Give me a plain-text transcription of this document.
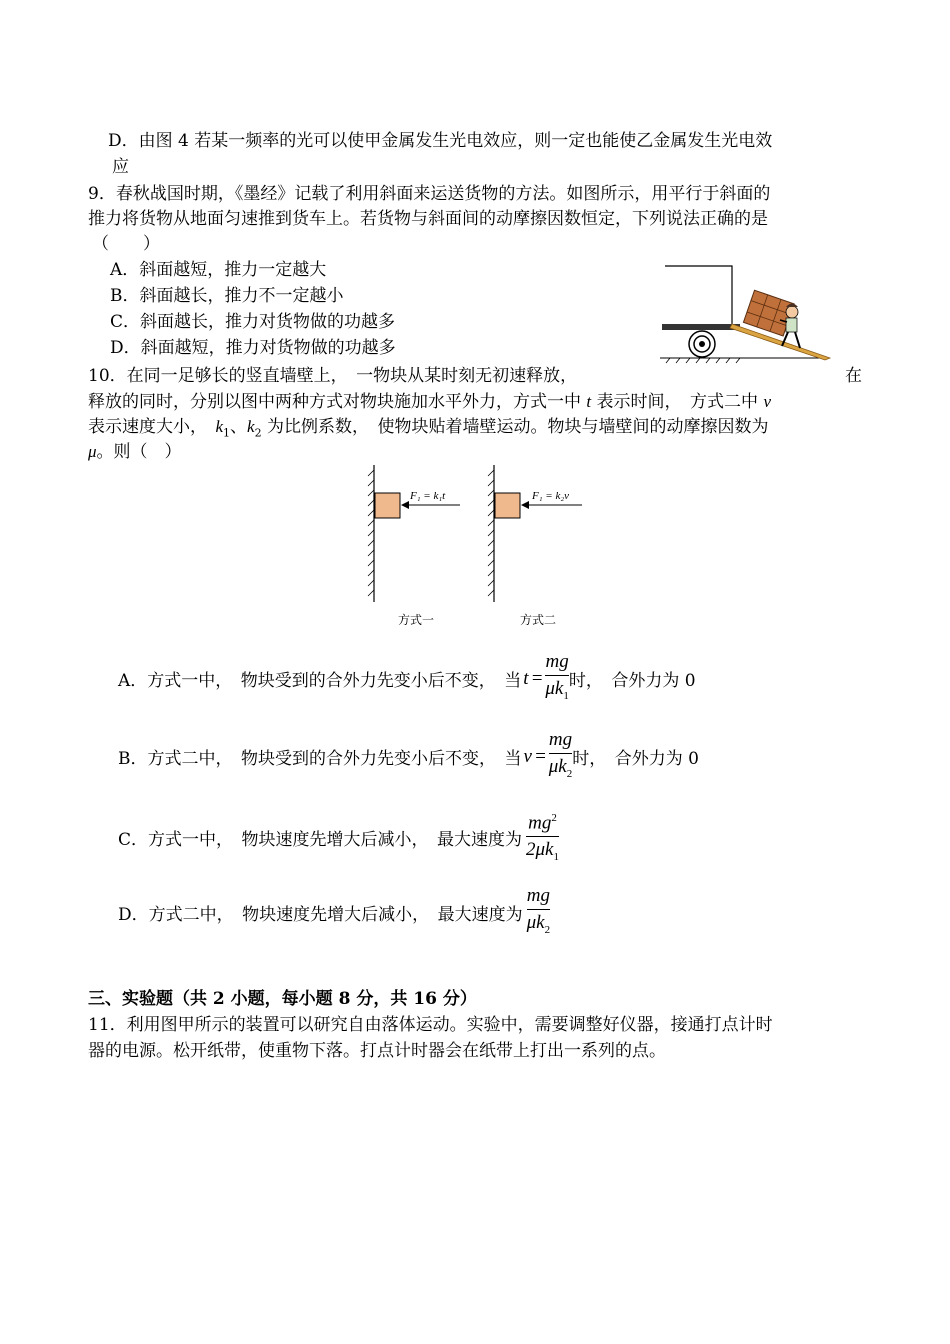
D．由图 4 若某一频率的光可以使甲金属发生光电效应，则一定也能使乙金属发生光电效
应
9．春秋战国时期，《墨经》记载了利用斜面来运送货物的方法。如图所示，用平行于斜面的
推力将货物从地面匀速推到货车上。若货物与斜面间的动摩擦因数恒定，下列说法正确的是
（　　）
A．斜面越短，推力一定越大
B．斜面越长，推力不一定越小
C．斜面越长，推力对货物做的功越多
D．斜面越短，推力对货物做的功越多
10．在同一足够长的竖直墙壁上，　一物块从某时刻无初速释放，	在
释放的同时，分别以图中两种方式对物块施加水平外力，方式一中 t 表示时间，　方式二中 v
表示速度大小，　$k_1$、$k_2$ 为比例系数，　使物块贴着墙壁运动。物块与墙壁间的动摩擦因数为
μ。则（　）
F₁ = k₁t	F₁ = k₂v
方式一	方式二
A．方式一中，　物块受到的合外力先变小后不变，　当 $t = \frac{mg}{\mu k_1}$ 时，　合外力为 0
B．方式二中，　物块受到的合外力先变小后不变，　当 $v = \frac{mg}{\mu k_2}$ 时，　合外力为 0
C．方式一中，　物块速度先增大后减小，　最大速度为 $\frac{mg^2}{2\mu k_1}$
D．方式二中，　物块速度先增大后减小，　最大速度为 $\frac{mg}{\mu k_2}$
三、实验题（共 2 小题，每小题 8 分，共 16 分）
11．利用图甲所示的装置可以研究自由落体运动。实验中，需要调整好仪器，接通打点计时
器的电源。松开纸带，使重物下落。打点计时器会在纸带上打出一系列的点。
